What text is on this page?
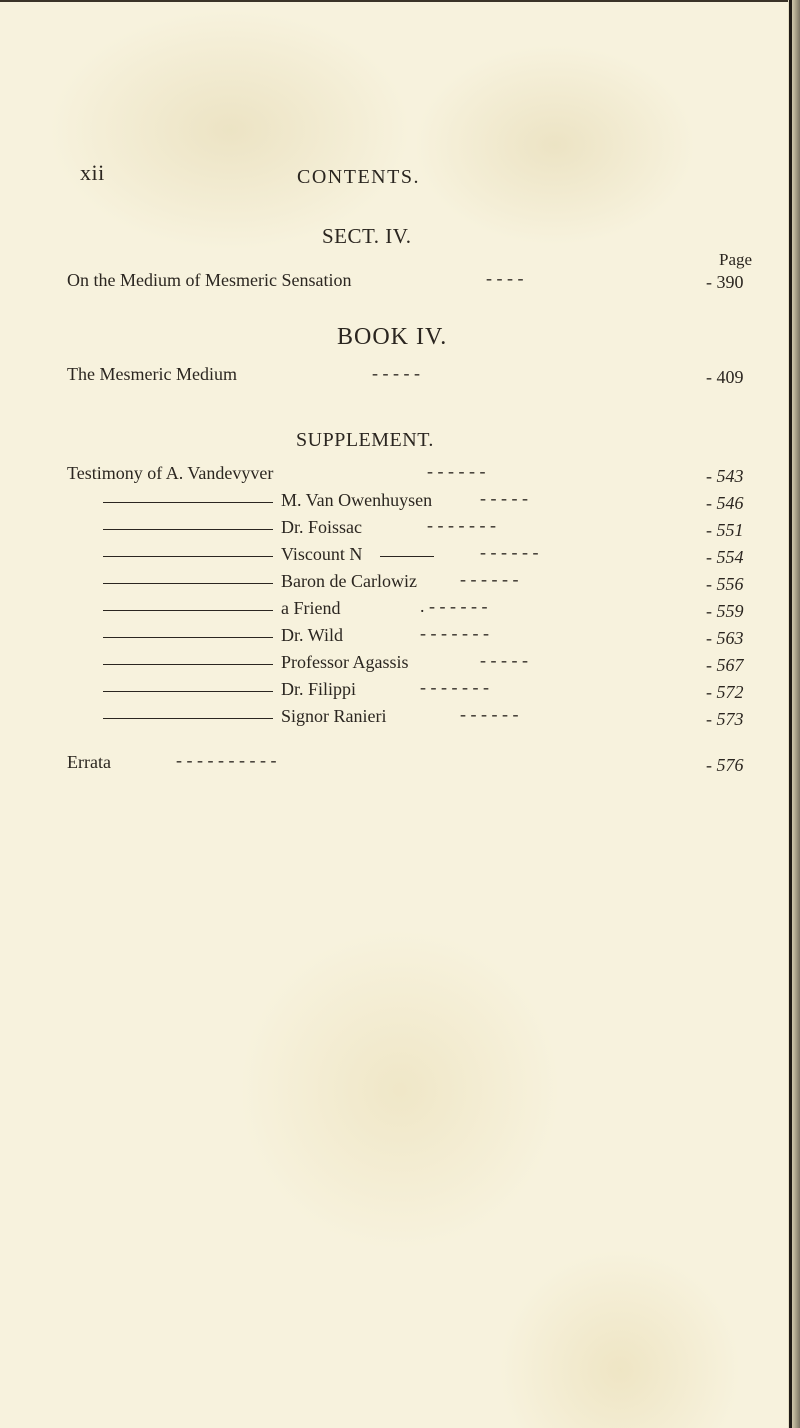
xii	CONTENTS.
SECT. IV.
Page
On the Medium of Mesmeric Sensation	- - - -	- 390
BOOK IV.
The Mesmeric Medium	- - - - -	- 409
SUPPLEMENT.
Testimony of A. Vandevyver	- - - - - -	- 543
M. Van Owenhuysen	- - - - -	- 546
Dr. Foissac	- - - - - - -	- 551
Viscount N	- - - - - -	- 554
Baron de Carlowiz - - - - - -	- 556
a Friend	. - - - - - -	- 559
Dr. Wild	- - - - - - -	- 563
Professor Agassis	- - - - -	- 567
Dr. Filippi	- - - - - - -	- 572
Signor Ranieri	- - - - - -	- 573
Errata	- - - - - - - - - -	- 576
